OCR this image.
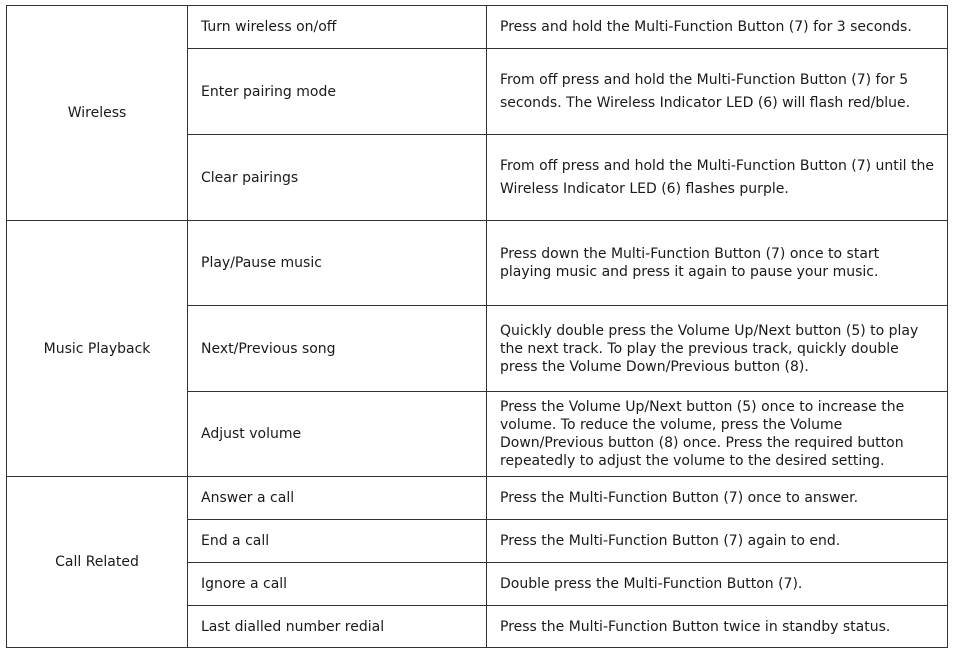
Wireless	Turn wireless on/off	Press and hold the Multi-Function Button (7) for 3 seconds.
	Enter pairing mode	From off press and hold the Multi-Function Button (7) for 5 seconds. The Wireless Indicator LED (6) will flash red/blue.
	Clear pairings	From off press and hold the Multi-Function Button (7) until the Wireless Indicator LED (6) flashes purple.
Music Playback	Play/Pause music	Press down the Multi-Function Button (7) once to start playing music and press it again to pause your music.
	Next/Previous song	Quickly double press the Volume Up/Next button (5) to play the next track. To play the previous track, quickly double press the Volume Down/Previous button (8).
	Adjust volume	Press the Volume Up/Next button (5) once to increase the volume. To reduce the volume, press the Volume Down/Previous button (8) once. Press the required button repeatedly to adjust the volume to the desired setting.
Call Related	Answer a call	Press the Multi-Function Button (7) once to answer.
	End a call	Press the Multi-Function Button (7) again to end.
	Ignore a call	Double press the Multi-Function Button (7).
	Last dialled number redial	Press the Multi-Function Button twice in standby status.
